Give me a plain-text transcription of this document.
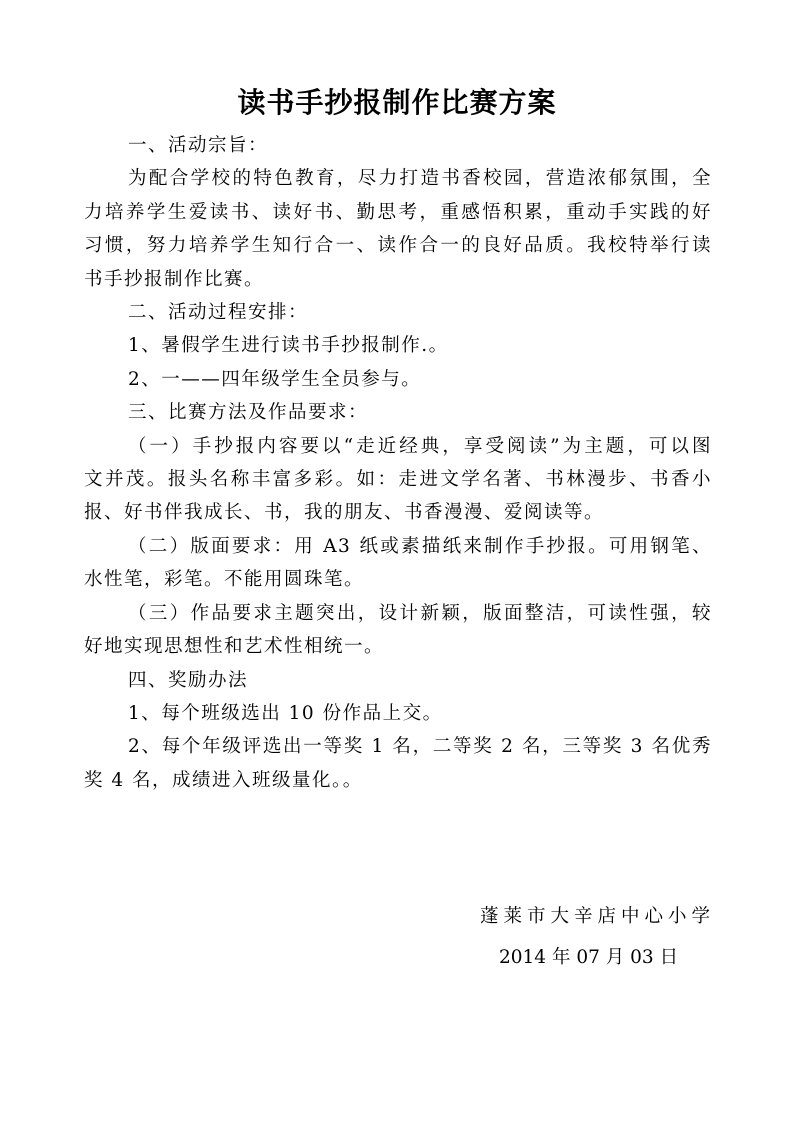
读书手抄报制作比赛方案
一、活动宗旨：
为配合学校的特色教育，尽力打造书香校园，营造浓郁氛围，全
力培养学生爱读书、读好书、勤思考，重感悟积累，重动手实践的好
习惯，努力培养学生知行合一、读作合一的良好品质。我校特举行读
书手抄报制作比赛。
二、活动过程安排：
1、暑假学生进行读书手抄报制作.。
2、一——四年级学生全员参与。
三、比赛方法及作品要求：
（一）手抄报内容要以“走近经典，享受阅读”为主题，可以图
文并茂。报头名称丰富多彩。如：走进文学名著、书林漫步、书香小
报、好书伴我成长、书，我的朋友、书香漫漫、爱阅读等。
（二）版面要求：用 A3 纸或素描纸来制作手抄报。可用钢笔、
水性笔，彩笔。不能用圆珠笔。
（三）作品要求主题突出，设计新颖，版面整洁，可读性强，较
好地实现思想性和艺术性相统一。
四、奖励办法
1、每个班级选出 10 份作品上交。
2、每个年级评选出一等奖 1 名，二等奖 2 名，三等奖 3 名优秀
奖 4 名，成绩进入班级量化。。
蓬莱市大辛店中心小学
2014 年 07 月 03 日
